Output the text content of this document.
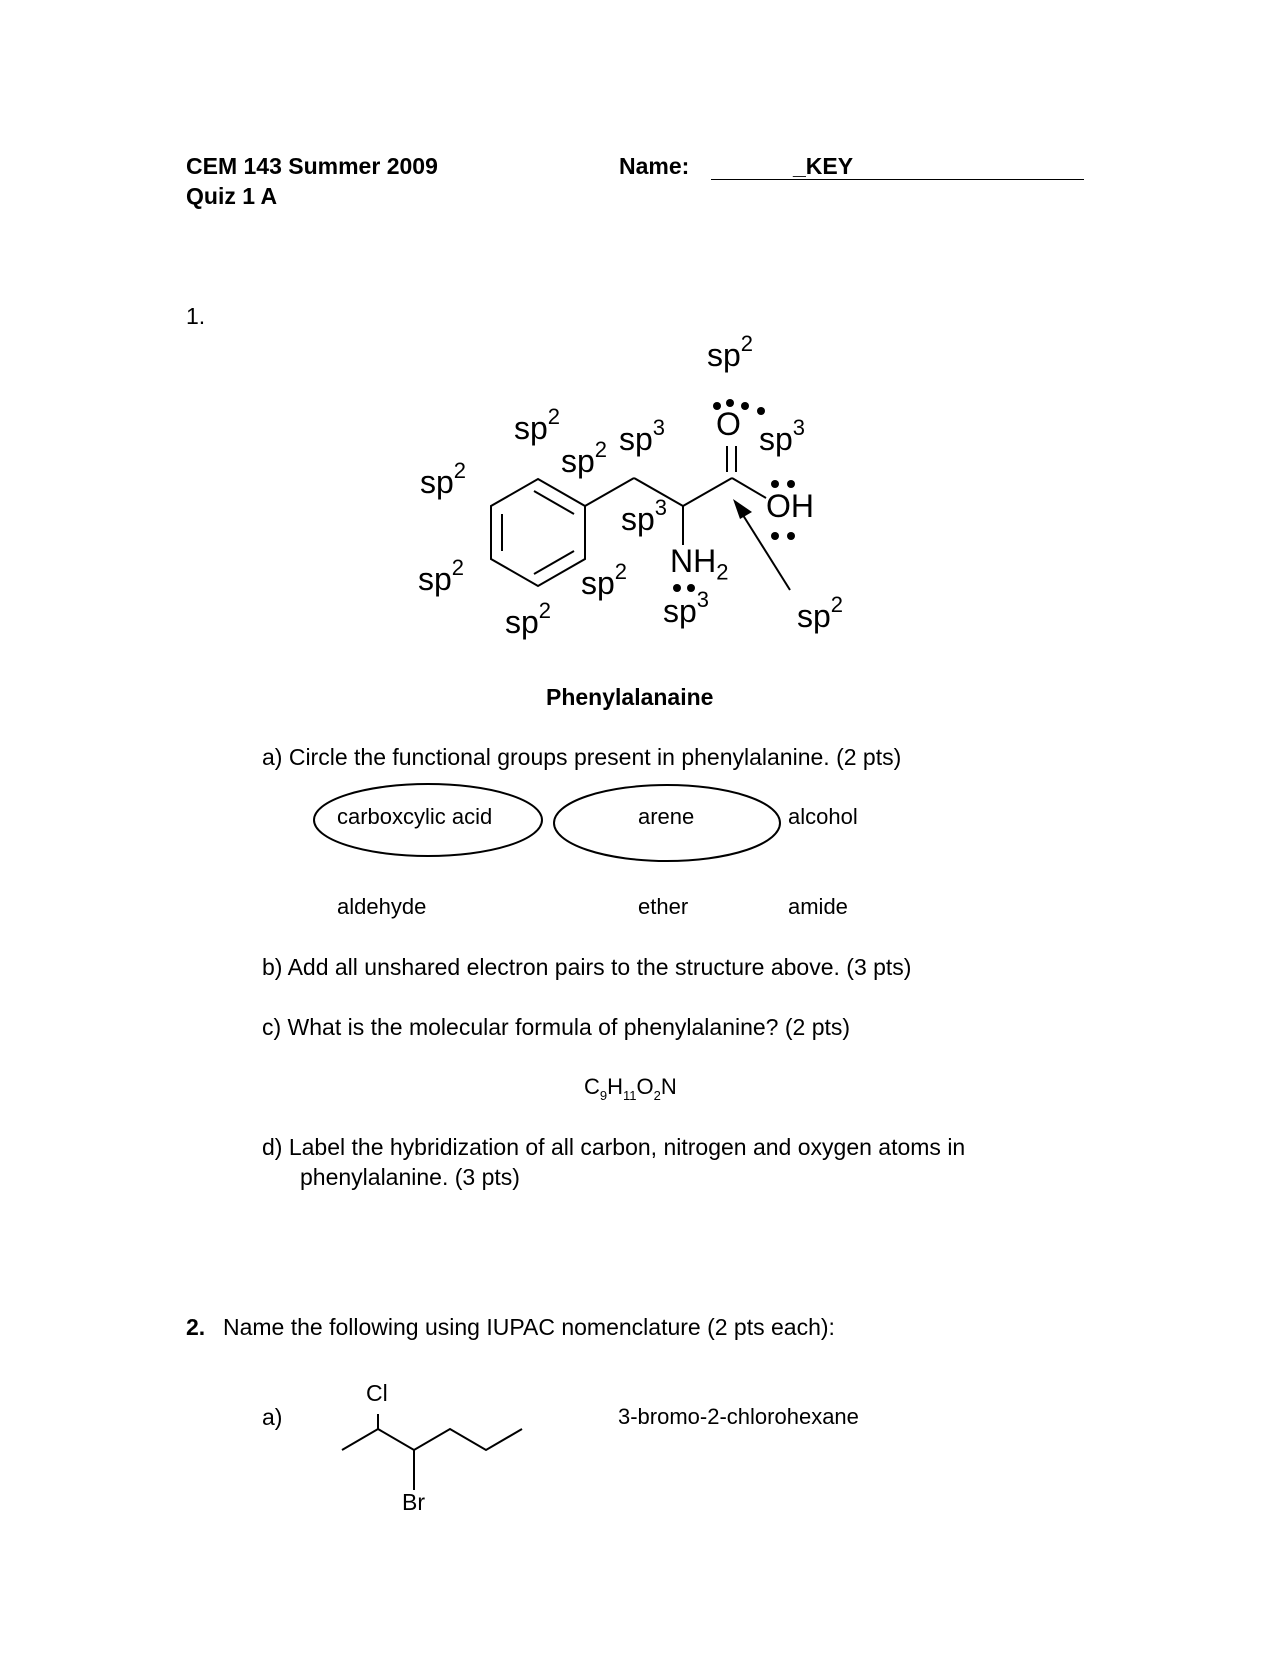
CEM 143 Summer 2009
Quiz 1 A
Name:	_KEY
1.
O
OH
$NH_2$
$sp^2$
$sp^2$
$sp^3$
$sp^2$	$sp^3$
$sp^2$
$sp^3$
$sp^2$	$sp^2$
$sp^3$
$sp^2$	$sp^2$
Phenylalanaine
a) Circle the functional groups present in phenylalanine. (2 pts)
carboxcylic acid	arene	alcohol
aldehyde	ether	amide
b) Add all unshared electron pairs to the structure above. (3 pts)
c) What is the molecular formula of phenylalanine? (2 pts)
$C_9H_{11}O_2N$
d) Label the hybridization of all carbon, nitrogen and oxygen atoms in
phenylalanine. (3 pts)
2. Name the following using IUPAC nomenclature (2 pts each):
a)
Cl
Br
3-bromo-2-chlorohexane
